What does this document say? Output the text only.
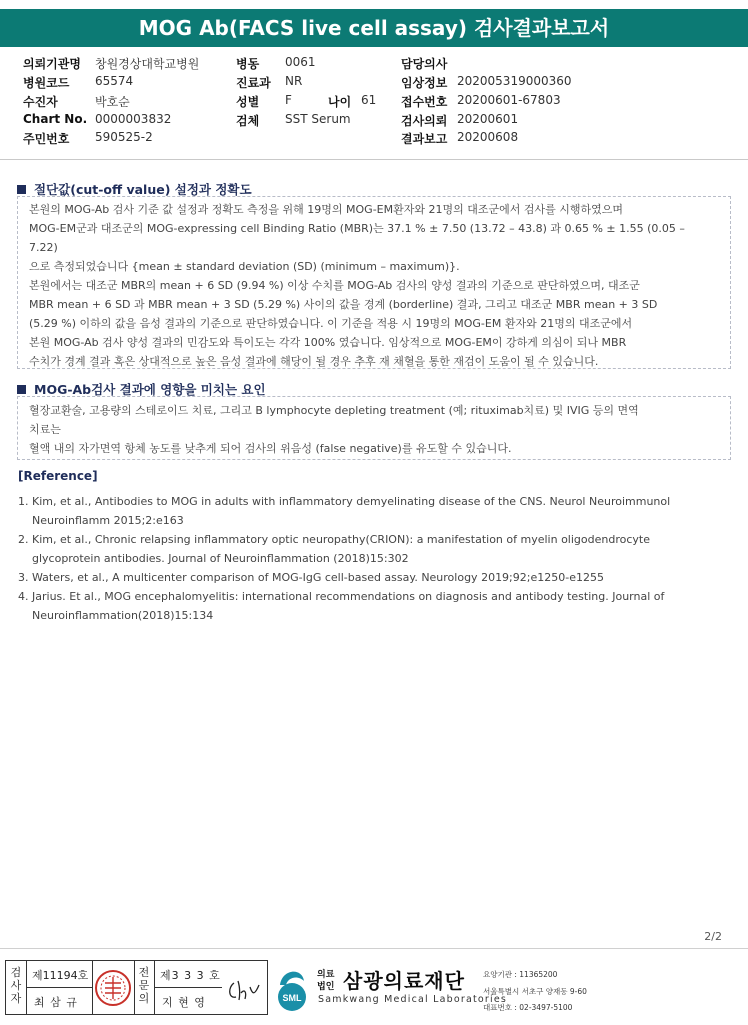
MOG Ab(FACS live cell assay) 검사결과보고서
의뢰기관명 창원경상대학교병원
병원코드 65574
수진자	박호순
Chart No. 0000003832
주민번호 590525-2
병동 0061
진료과 NR
성별 F
검체 SST Serum
담당의사
임상정보 202005319000360
접수번호 20200601-67803
검사의뢰 20200601
결과보고 20200608
나이 61
절단값(cut-off value) 설정과 정확도

본원의 MOG-Ab 검사 기준 값 설정과 정확도 측정을 위해 19명의 MOG-EM환자와 21명의 대조군에서 검사를 시행하였으며

MOG-EM군과 대조군의 MOG-expressing cell Binding Ratio (MBR)는 37.1 % ± 7.50 (13.72 – 43.8) 과 0.65 % ± 1.55 (0.05 –

7.22)

으로 측정되었습니다 {mean ± standard deviation (SD) (minimum – maximum)}.

본원에서는 대조군 MBR의 mean + 6 SD (9.94 %) 이상 수치를 MOG-Ab 검사의 양성 결과의 기준으로 판단하였으며, 대조군

MBR mean + 6 SD 과 MBR mean + 3 SD (5.29 %) 사이의 값을 경계 (borderline) 결과, 그리고 대조군 MBR mean + 3 SD

(5.29 %) 이하의 값을 음성 결과의 기준으로 판단하였습니다. 이 기준을 적용 시 19명의 MOG-EM 환자와 21명의 대조군에서

본원 MOG-Ab 검사 양성 결과의 민감도와 특이도는 각각 100% 였습니다. 임상적으로 MOG-EM이 강하게 의심이 되나 MBR

수치가 경계 결과 혹은 상대적으로 높은 음성 결과에 해당이 될 경우 추후 재 채혈을 통한 재검이 도움이 될 수 있습니다.

MOG-Ab검사 결과에 영향을 미치는 요인

혈장교환술, 고용량의 스테로이드 치료, 그리고 B lymphocyte depleting treatment (예; rituximab치료) 및 IVIG 등의 면역

치료는

혈액 내의 자가면역 항체 농도를 낮추게 되어 검사의 위음성 (false negative)를 유도할 수 있습니다.

[Reference]
1. Kim, et al., Antibodies to MOG in adults with inflammatory demyelinating disease of the CNS. Neurol Neuroimmunol
Neuroinflamm 2015;2:e163
2. Kim, et al., Chronic relapsing inflammatory optic neuropathy(CRION): a manifestation of myelin oligodendrocyte
glycoprotein antibodies. Journal of Neuroinflammation (2018)15:302
3. Waters, et al., A multicenter comparison of MOG-IgG cell-based assay. Neurology 2019;92;e1250-e1255
4. Jarius. Et al., MOG encephalomyelitis: international recommendations on diagnosis and antibody testing. Journal of
Neuroinflammation(2018)15:134
2/2
검
사
자
제11194호
최 삼 규
전
문
의
제3 3 3 호
지 현 영	SML
의료
법인 삼광의료재단
Samkwang Medical Laboratories
요양기관 : 11365200
서울특별시 서초구 양재동 9-60
대표번호 : 02-3497-5100
